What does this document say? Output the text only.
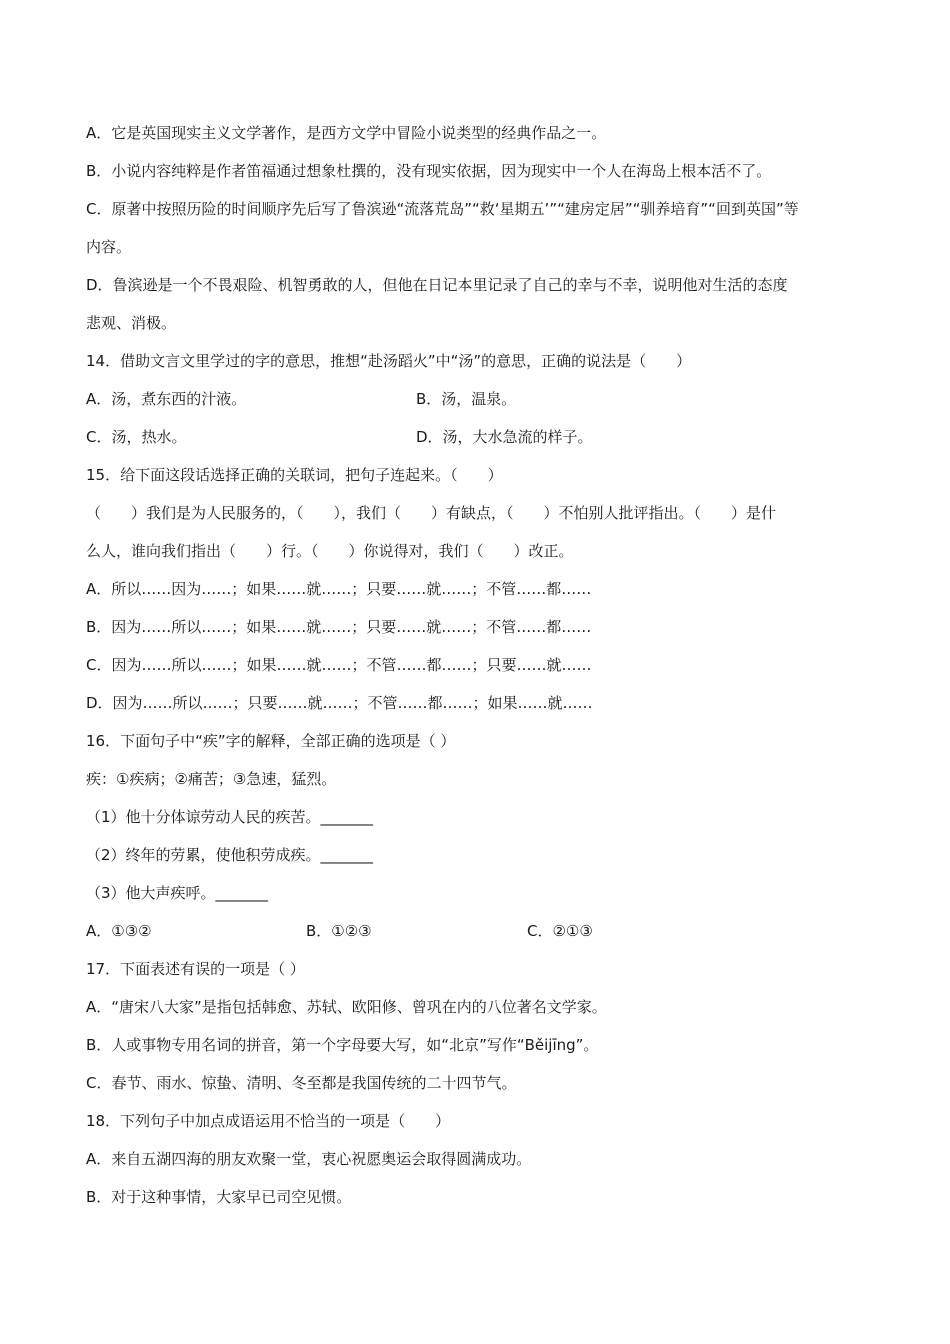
A．它是英国现实主义文学著作，是西方文学中冒险小说类型的经典作品之一。
B．小说内容纯粹是作者笛福通过想象杜撰的，没有现实依据，因为现实中一个人在海岛上根本活不了。
C．原著中按照历险的时间顺序先后写了鲁滨逊“流落荒岛”“救‘星期五’”“建房定居”“驯养培育”“回到英国”等
内容。
D．鲁滨逊是一个不畏艰险、机智勇敢的人，但他在日记本里记录了自己的幸与不幸，说明他对生活的态度
悲观、消极。
14．借助文言文里学过的字的意思，推想“赴汤蹈火”中“汤”的意思，正确的说法是（　　）
A．汤，煮东西的汁液。	B．汤，温泉。
C．汤，热水。	D．汤，大水急流的样子。
15．给下面这段话选择正确的关联词，把句子连起来。（　　）
（　　）我们是为人民服务的，（　　），我们（　　）有缺点，（　　）不怕别人批评指出。（　　）是什
么人，谁向我们指出（　　）行。（　　）你说得对，我们（　　）改正。
A．所以……因为……；如果……就……；只要……就……；不管……都……
B．因为……所以……；如果……就……；只要……就……；不管……都……
C．因为……所以……；如果……就……；不管……都……；只要……就……
D．因为……所以……；只要……就……；不管……都……；如果……就……
16．下面句子中“疾”字的解释，全部正确的选项是（ ）
疾：①疾病；②痛苦；③急速，猛烈。
（1）他十分体谅劳动人民的疾苦。_______
（2）终年的劳累，使他积劳成疾。_______
（3）他大声疾呼。_______
A．①③②	B．①②③	C．②①③
17．下面表述有误的一项是（ ）
A．“唐宋八大家”是指包括韩愈、苏轼、欧阳修、曾巩在内的八位著名文学家。
B．人或事物专用名词的拼音，第一个字母要大写，如“北京”写作“Běijīng”。
C．春节、雨水、惊蛰、清明、冬至都是我国传统的二十四节气。
18．下列句子中加点成语运用不恰当的一项是（　　）
A．来自五湖四海的朋友欢聚一堂，衷心祝愿奥运会取得圆满成功。
B．对于这种事情，大家早已司空见惯。
